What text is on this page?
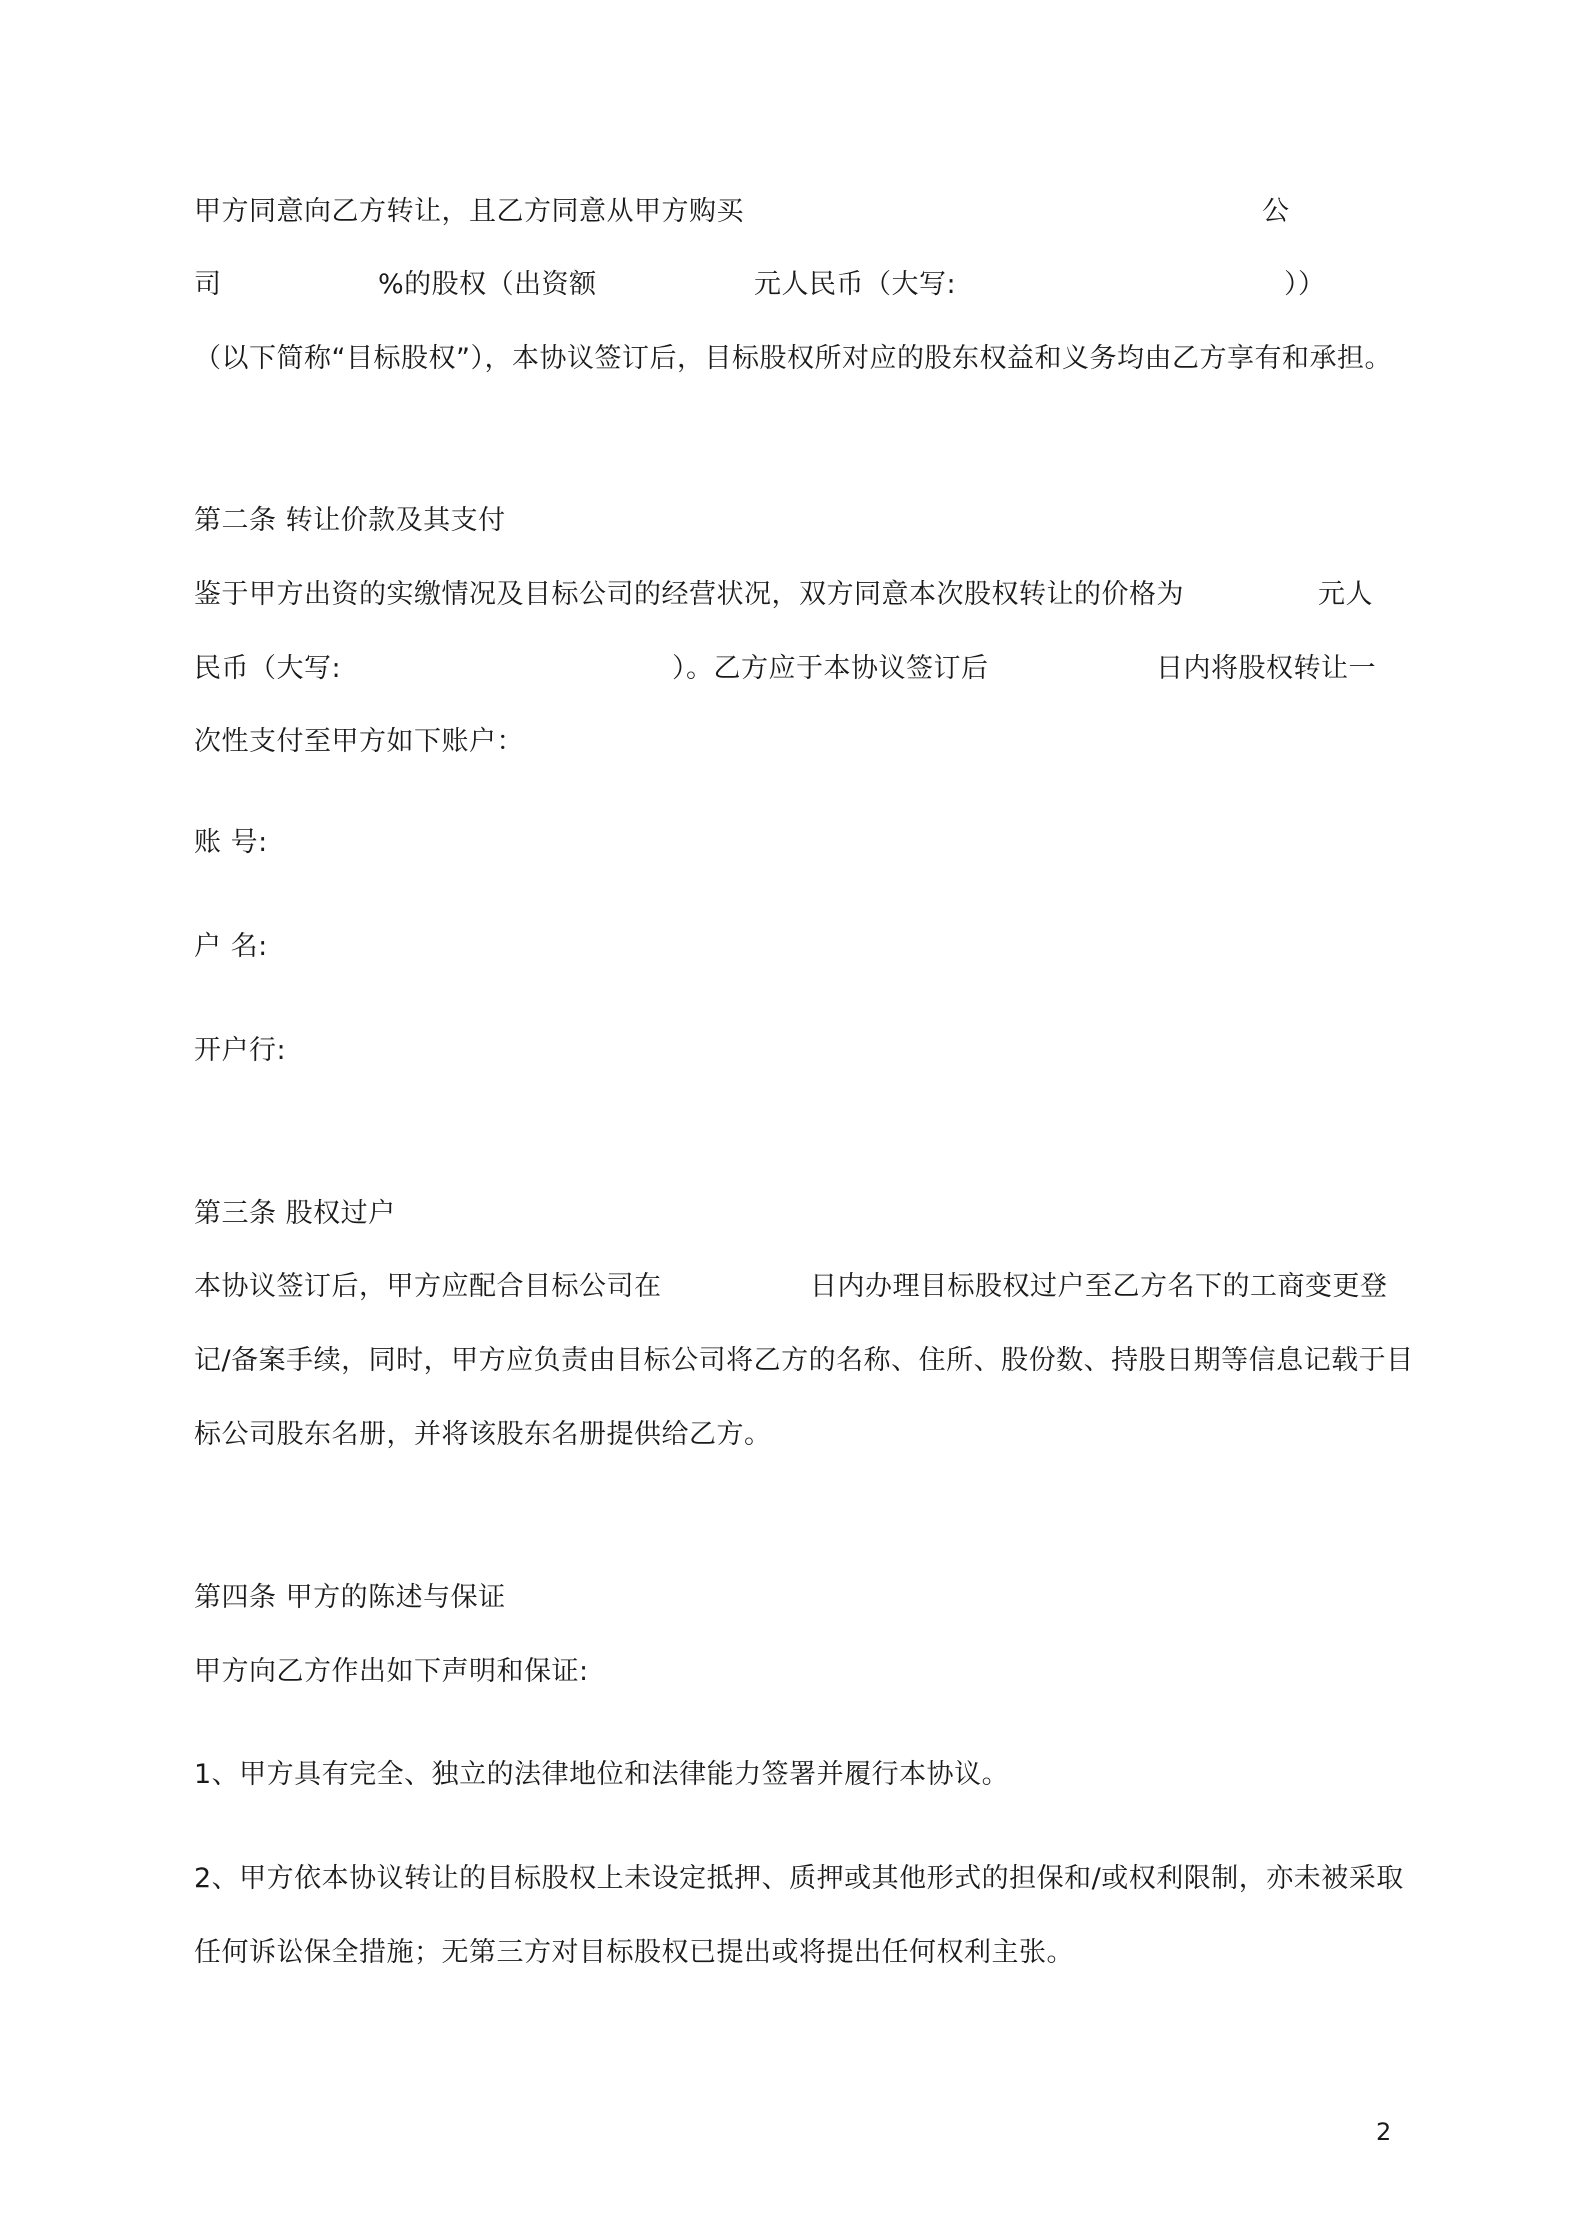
甲方同意向乙方转让，且乙方同意从甲方购买	公
司	%的股权（出资额	元人民币（大写:	））
（以下简称“目标股权”），本协议签订后，目标股权所对应的股东权益和义务均由乙方享有和承担。
第二条 转让价款及其支付
鉴于甲方出资的实缴情况及目标公司的经营状况，双方同意本次股权转让的价格为	元人
民币（大写:	）。乙方应于本协议签订后	日内将股权转让一
次性支付至甲方如下账户：
账 号:
户 名:
开户行:
第三条 股权过户
本协议签订后，甲方应配合目标公司在	日内办理目标股权过户至乙方名下的工商变更登
记/备案手续，同时，甲方应负责由目标公司将乙方的名称、住所、股份数、持股日期等信息记载于目
标公司股东名册，并将该股东名册提供给乙方。
第四条 甲方的陈述与保证
甲方向乙方作出如下声明和保证:
1、甲方具有完全、独立的法律地位和法律能力签署并履行本协议。
2、甲方依本协议转让的目标股权上未设定抵押、质押或其他形式的担保和/或权利限制，亦未被采取
任何诉讼保全措施；无第三方对目标股权已提出或将提出任何权利主张。
2
